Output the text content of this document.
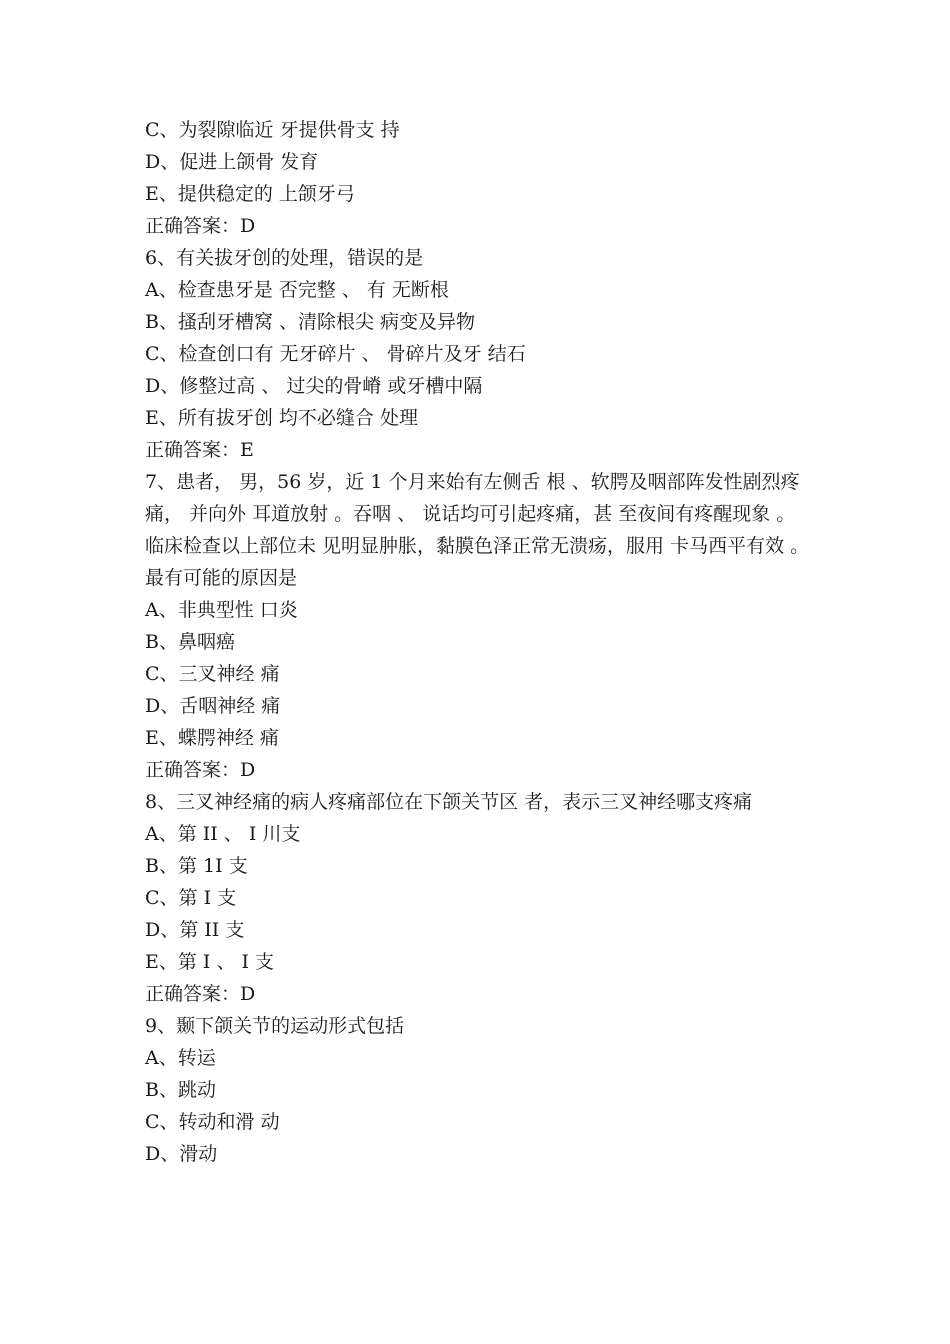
C、为裂隙临近 牙提供骨支 持
D、促进上颌骨 发育
E、提供稳定的 上颌牙弓
正确答案：D
6、有关拔牙创的处理，错误的是
A、检查患牙是 否完整 、 有 无断根
B、搔刮牙槽窝 、清除根尖 病变及异物
C、检查创口有 无牙碎片 、 骨碎片及牙 结石
D、修整过高 、 过尖的骨嵴 或牙槽中隔
E、所有拔牙创 均不必缝合 处理
正确答案：E
7、患者， 男，56 岁，近 1 个月来始有左侧舌 根 、软腭及咽部阵发性剧烈疼痛， 并向外 耳道放射 。吞咽 、 说话均可引起疼痛，甚 至夜间有疼醒现象 。 临床检查以上部位未 见明显肿胀，黏膜色泽正常无溃疡，服用 卡马西平有效 。最有可能的原因是
A、非典型性 口炎
B、鼻咽癌
C、三叉神经 痛
D、舌咽神经 痛
E、蝶腭神经 痛
正确答案：D
8、三叉神经痛的病人疼痛部位在下颌关节区 者，表示三叉神经哪支疼痛
A、第 II 、 I 川支
B、第 1I 支
C、第 I 支
D、第 II 支
E、第 I 、 I 支
正确答案：D
9、颞下颌关节的运动形式包括
A、转运
B、跳动
C、转动和滑 动
D、滑动
